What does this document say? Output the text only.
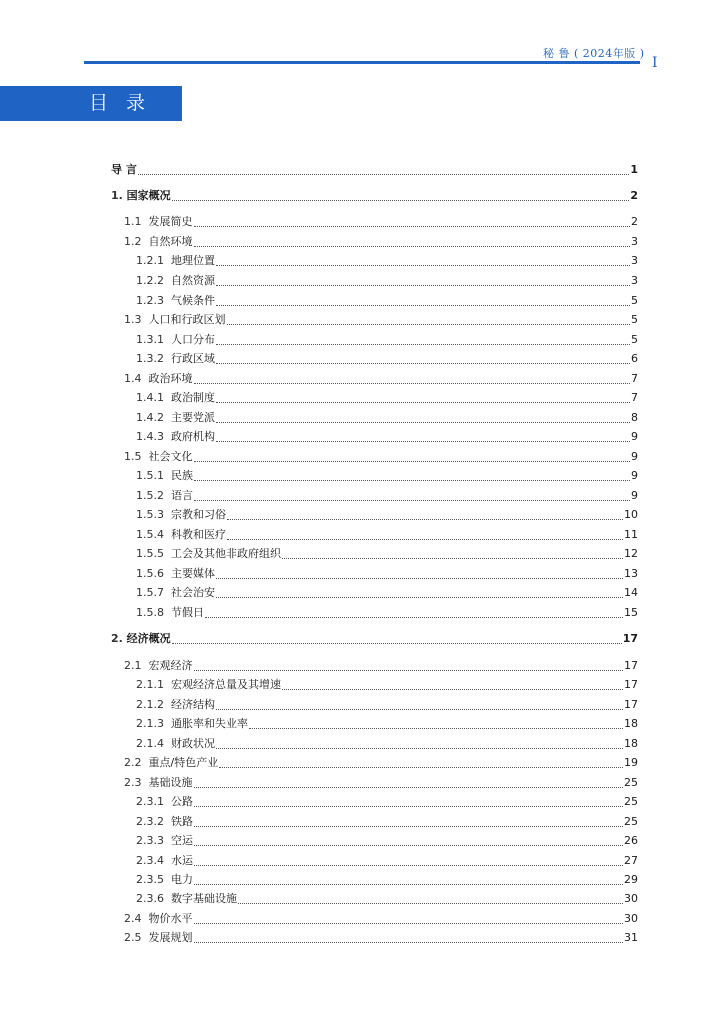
秘 鲁 ( 2024年版 )
I
目录
导 言	1
1. 国家概况	2
1.1 发展简史	2
1.2 自然环境	3
1.2.1 地理位置	3
1.2.2 自然资源	3
1.2.3 气候条件	5
1.3 人口和行政区划	5
1.3.1 人口分布	5
1.3.2 行政区域	6
1.4 政治环境	7
1.4.1 政治制度	7
1.4.2 主要党派	8
1.4.3 政府机构	9
1.5 社会文化	9
1.5.1 民族	9
1.5.2 语言	9
1.5.3 宗教和习俗	10
1.5.4 科教和医疗	11
1.5.5 工会及其他非政府组织	12
1.5.6 主要媒体	13
1.5.7 社会治安	14
1.5.8 节假日	15
2. 经济概况	17
2.1 宏观经济	17
2.1.1 宏观经济总量及其增速	17
2.1.2 经济结构	17
2.1.3 通胀率和失业率	18
2.1.4 财政状况	18
2.2 重点/特色产业	19
2.3 基础设施	25
2.3.1 公路	25
2.3.2 铁路	25
2.3.3 空运	26
2.3.4 水运	27
2.3.5 电力	29
2.3.6 数字基础设施	30
2.4 物价水平	30
2.5 发展规划	31
